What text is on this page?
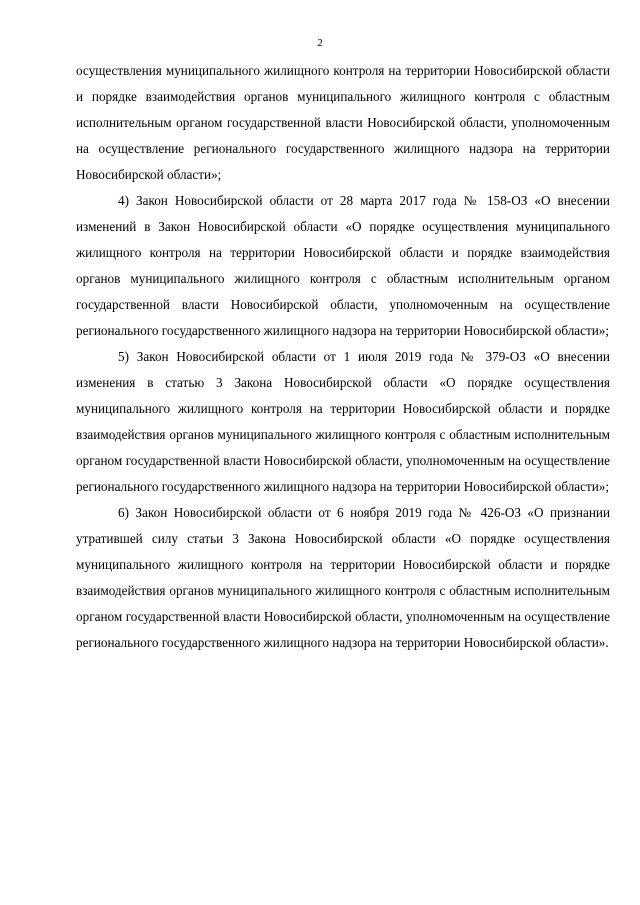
2

осуществления муниципального жилищного контроля на территории Новосибирской области и порядке взаимодействия органов муниципального жилищного контроля с областным исполнительным органом государственной власти Новосибирской области, уполномоченным на осуществление регионального государственного жилищного надзора на территории Новосибирской области»;

4) Закон Новосибирской области от 28 марта 2017 года № 158-ОЗ «О внесении изменений в Закон Новосибирской области «О порядке осуществления муниципального жилищного контроля на территории Новосибирской области и порядке взаимодействия органов муниципального жилищного контроля с областным исполнительным органом государственной власти Новосибирской области, уполномоченным на осуществление регионального государственного жилищного надзора на территории Новосибирской области»;

5) Закон Новосибирской области от 1 июля 2019 года № 379-ОЗ «О внесении изменения в статью 3 Закона Новосибирской области «О порядке осуществления муниципального жилищного контроля на территории Новосибирской области и порядке взаимодействия органов муниципального жилищного контроля с областным исполнительным органом государственной власти Новосибирской области, уполномоченным на осуществление регионального государственного жилищного надзора на территории Новосибирской области»;

6) Закон Новосибирской области от 6 ноября 2019 года № 426-ОЗ «О признании утратившей силу статьи 3 Закона Новосибирской области «О порядке осуществления муниципального жилищного контроля на территории Новосибирской области и порядке взаимодействия органов муниципального жилищного контроля с областным исполнительным органом государственной власти Новосибирской области, уполномоченным на осуществление регионального государственного жилищного надзора на территории Новосибирской области».
